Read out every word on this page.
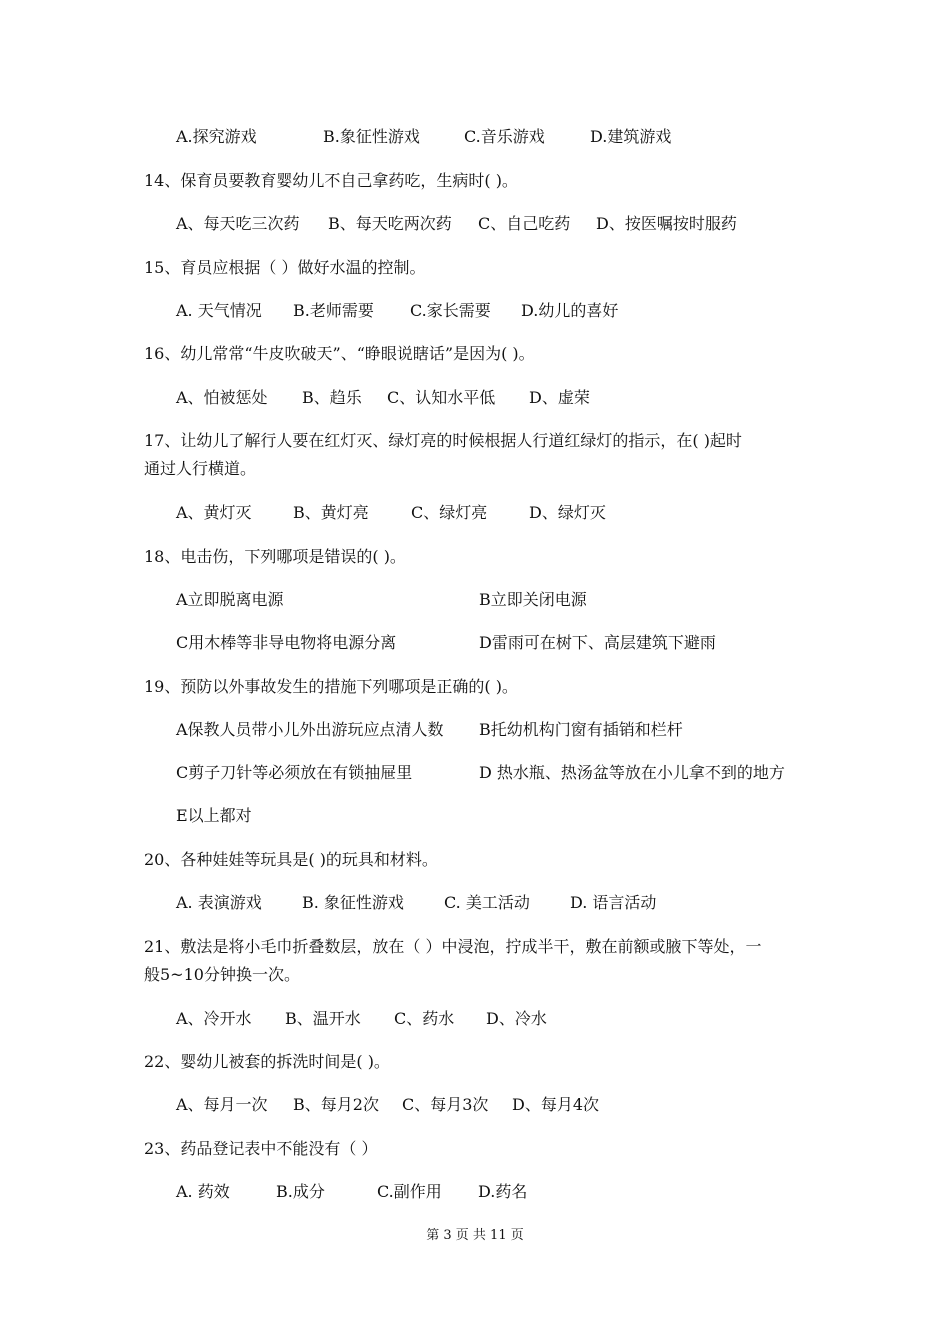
A.探究游戏	B.象征性游戏	C.音乐游戏	D.建筑游戏
14、保育员要教育婴幼儿不自己拿药吃，生病时( )。
A、每天吃三次药 B、每天吃两次药 C、自己吃药 D、按医嘱按时服药
15、育员应根据（ ）做好水温的控制。
A. 天气情况 B.老师需要 C.家长需要 D.幼儿的喜好
16、幼儿常常“牛皮吹破天”、“睁眼说瞎话”是因为( )。
A、怕被惩处 B、趋乐 C、认知水平低 D、虚荣
17、让幼儿了解行人要在红灯灭、绿灯亮的时候根据人行道红绿灯的指示，在( )起时
通过人行横道。
A、黄灯灭	B、黄灯亮	C、绿灯亮	D、绿灯灭
18、电击伤，下列哪项是错误的( )。
A立即脱离电源	B立即关闭电源
C用木棒等非导电物将电源分离	D雷雨可在树下、高层建筑下避雨
19、预防以外事故发生的措施下列哪项是正确的( )。
A保教人员带小儿外出游玩应点清人数 B托幼机构门窗有插销和栏杆
C剪子刀针等必须放在有锁抽屉里	D 热水瓶、热汤盆等放在小儿拿不到的地方
E以上都对
20、各种娃娃等玩具是( )的玩具和材料。
A. 表演游戏	B. 象征性游戏	C. 美工活动	D. 语言活动
21、敷法是将小毛巾折叠数层，放在（ ）中浸泡，拧成半干，敷在前额或腋下等处，一
般5~10分钟换一次。
A、冷开水 B、温开水 C、药水 D、冷水
22、婴幼儿被套的拆洗时间是( )。
A、每月一次 B、每月2次 C、每月3次 D、每月4次
23、药品登记表中不能没有（ ）
A. 药效	B.成分	C.副作用 D.药名
第 3 页 共 11 页
